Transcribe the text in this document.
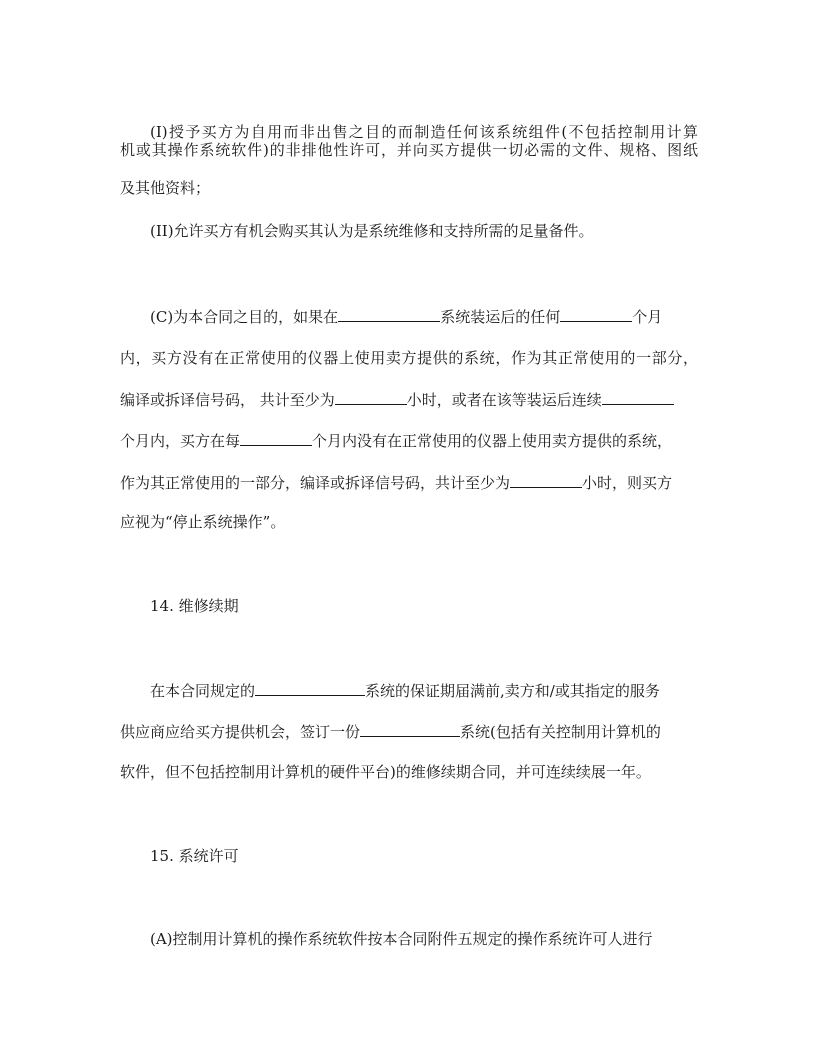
(I)授予买方为自用而非出售之目的而制造任何该系统组件(不包括控制用计算
机或其操作系统软件)的非排他性许可，并向买方提供一切必需的文件、规格、图纸
及其他资料；
(II)允许买方有机会购买其认为是系统维修和支持所需的足量备件。
(C)为本合同之目的，如果在	系统装运后的任何	个月
内，买方没有在正常使用的仪器上使用卖方提供的系统，作为其正常使用的一部分，
编译或拆译信号码， 共计至少为	小时，或者在该等装运后连续
个月内，买方在每	个月内没有在正常使用的仪器上使用卖方提供的系统，
作为其正常使用的一部分，编译或拆译信号码，共计至少为	小时，则买方
应视为“停止系统操作”。
14. 维修续期
在本合同规定的	系统的保证期届满前,卖方和/或其指定的服务
供应商应给买方提供机会，签订一份	系统(包括有关控制用计算机的
软件，但不包括控制用计算机的硬件平台)的维修续期合同，并可连续续展一年。
15. 系统许可
(A)控制用计算机的操作系统软件按本合同附件五规定的操作系统许可人进行
